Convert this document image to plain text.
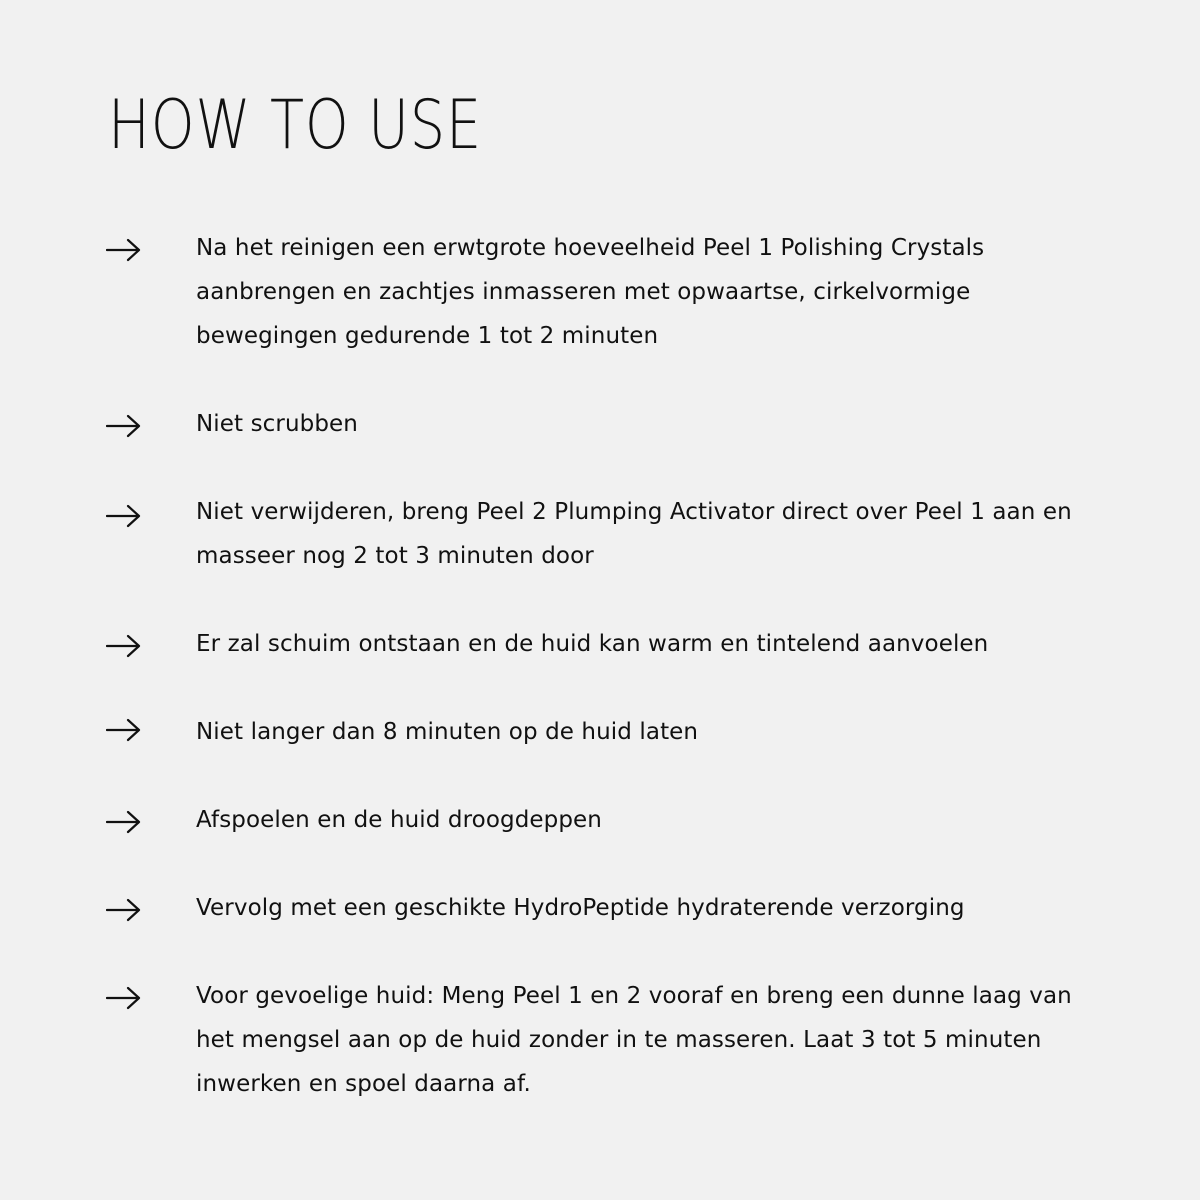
HOW TO USE

Na het reinigen een erwtgrote hoeveelheid Peel 1 Polishing Crystals aanbrengen en zachtjes inmasseren met opwaartse, cirkelvormige bewegingen gedurende 1 tot 2 minuten

Niet scrubben

Niet verwijderen, breng Peel 2 Plumping Activator direct over Peel 1 aan en masseer nog 2 tot 3 minuten door

Er zal schuim ontstaan en de huid kan warm en tintelend aanvoelen

Niet langer dan 8 minuten op de huid laten

Afspoelen en de huid droogdeppen

Vervolg met een geschikte HydroPeptide hydraterende verzorging

Voor gevoelige huid: Meng Peel 1 en 2 vooraf en breng een dunne laag van het mengsel aan op de huid zonder in te masseren. Laat 3 tot 5 minuten inwerken en spoel daarna af.
